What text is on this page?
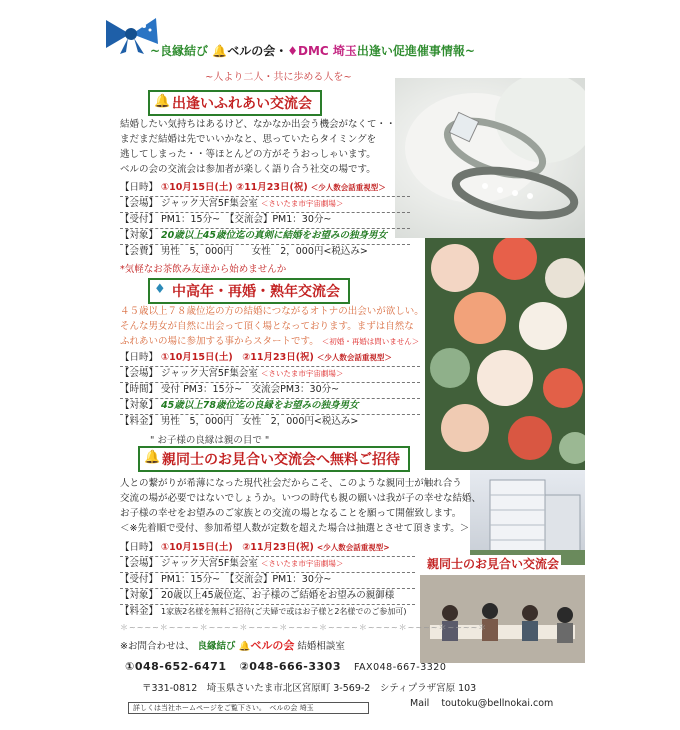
~良縁結び 🔔ベルの会・♦DMC 埼玉出逢い促進催事情報~
~人より二人・共に歩める人を~
親同士のお見合い交流会
🔔 出逢いふれあい交流会
結婚したい気持ちはあるけど、なかなか出会う機会がなくて・・
まだまだ結婚は先でいいかなと、思っていたらタイミングを
逃してしまった・・等ほとんどの方がそうおっしゃいます。
ベルの会の交流会は参加者が楽しく語り合う社交の場です。
【日時】 ①10月15日(土) ②11月23日(祝) ＜少人数会話重視型＞
【会場】 ジャック大宮5F集会室 ＜さいたま市宇宙劇場＞
【受付】 PM1：15分~　【交流会】PM1：30分~
【対象】 20歳以上45歳位迄の真剣に結婚をお望みの独身男女
【会費】 男性　5，000円　　女性　2，000円<税込み>
*気軽なお茶飲み友達から始めませんか
♦ 中高年・再婚・熟年交流会
４５歳以上７８歳位迄の方の結婚につながるオトナの出会いが欲しい。
そんな男女が自然に出会って頂く場となっております。まずは自然な
ふれあいの場に参加する事からスタートです。 ＜初婚・再婚は問いません＞
【日時】 ①10月15日(土)　②11月23日(祝) ＜少人数会話重視型＞
【会場】 ジャック大宮5F集会室 ＜さいたま市宇宙劇場＞
【時間】 受付 PM3：15分~　交流会PM3：30分~
【対象】 45歳以上78歳位迄の良縁をお望みの独身男女
【料金】 男性　5，000円　女性　2，000円<税込み>
" お子様の良縁は親の目で "
🔔 親同士のお見合い交流会へ無料ご招待
人との繋がりが希薄になった現代社会だからこそ、このような親同士が触れ合う
交流の場が必要ではないでしょうか。いつの時代も親の願いは我が子の幸せな結婚、
お子様の幸せをお望みのご家族との交流の場となることを願って開催致します。
＜※先着順で受付、参加希望人数が定数を超えた場合は抽選とさせて頂きます。＞
【日時】 ①10月15日(土)　②11月23日(祝) <少人数会話重視型>
【会場】 ジャック大宮5F集会室 ＜さいたま市宇宙劇場＞
【受付】 PM1：15分~　【交流会】PM1：30分~
【対象】 20歳以上45歳位迄、お子様のご結婚をお望みの親御様
【料金】 1家族2名様を無料ご招待(ご夫婦で或はお子様と2名様でのご参加可)
＊~~~~＊~~~~＊~~~~＊~~~~＊~~~~＊~~~~＊~~~~＊~~~~＊~~~~＊
※お問合わせは、 良縁結び 🔔ベルの会 結婚相談室
①048-652-6471 ②048-666-3303 FAX048-667-3320
〒331-0812　埼玉県さいたま市北区宮原町 3-569-2　シティプラザ宮原 103
詳しくは当社ホームページをご覧下さい。　ベルの会 埼玉	Mail toutoku@bellnokai.com
